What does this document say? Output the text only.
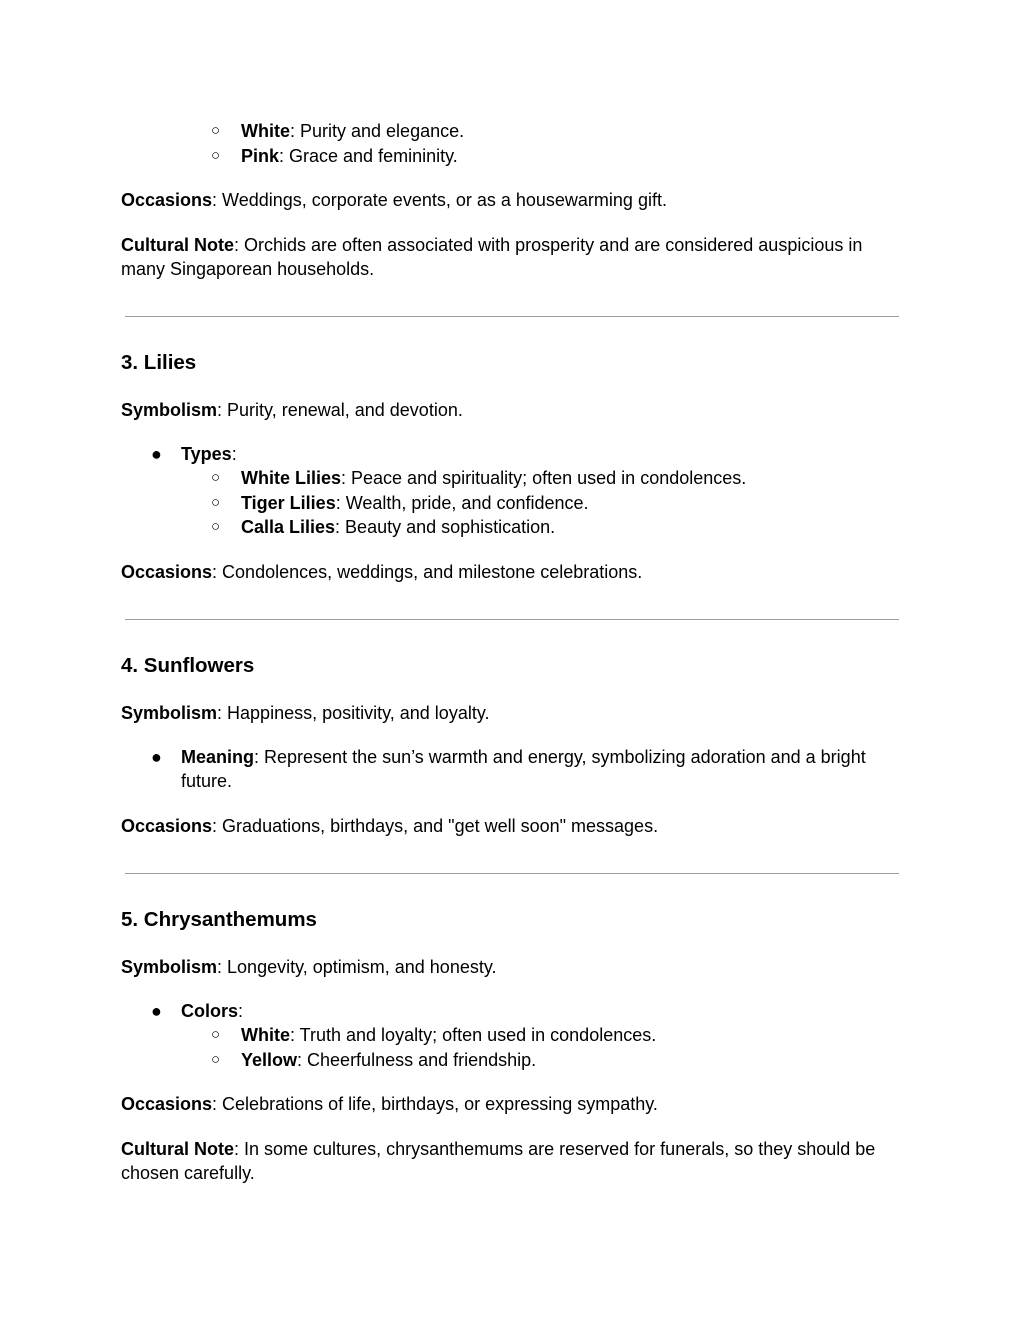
○	White: Purity and elegance.

○	Pink: Grace and femininity.

Occasions: Weddings, corporate events, or as a housewarming gift.

Cultural Note: Orchids are often associated with prosperity and are considered auspicious in many Singaporean households.

3. Lilies

Symbolism: Purity, renewal, and devotion.

●	Types:

○	White Lilies: Peace and spirituality; often used in condolences.

○	Tiger Lilies: Wealth, pride, and confidence.

○	Calla Lilies: Beauty and sophistication.

Occasions: Condolences, weddings, and milestone celebrations.

4. Sunflowers

Symbolism: Happiness, positivity, and loyalty.

●	Meaning: Represent the sun’s warmth and energy, symbolizing adoration and a bright future.

Occasions: Graduations, birthdays, and "get well soon" messages.

5. Chrysanthemums

Symbolism: Longevity, optimism, and honesty.

●	Colors:

○	White: Truth and loyalty; often used in condolences.

○	Yellow: Cheerfulness and friendship.

Occasions: Celebrations of life, birthdays, or expressing sympathy.

Cultural Note: In some cultures, chrysanthemums are reserved for funerals, so they should be chosen carefully.
